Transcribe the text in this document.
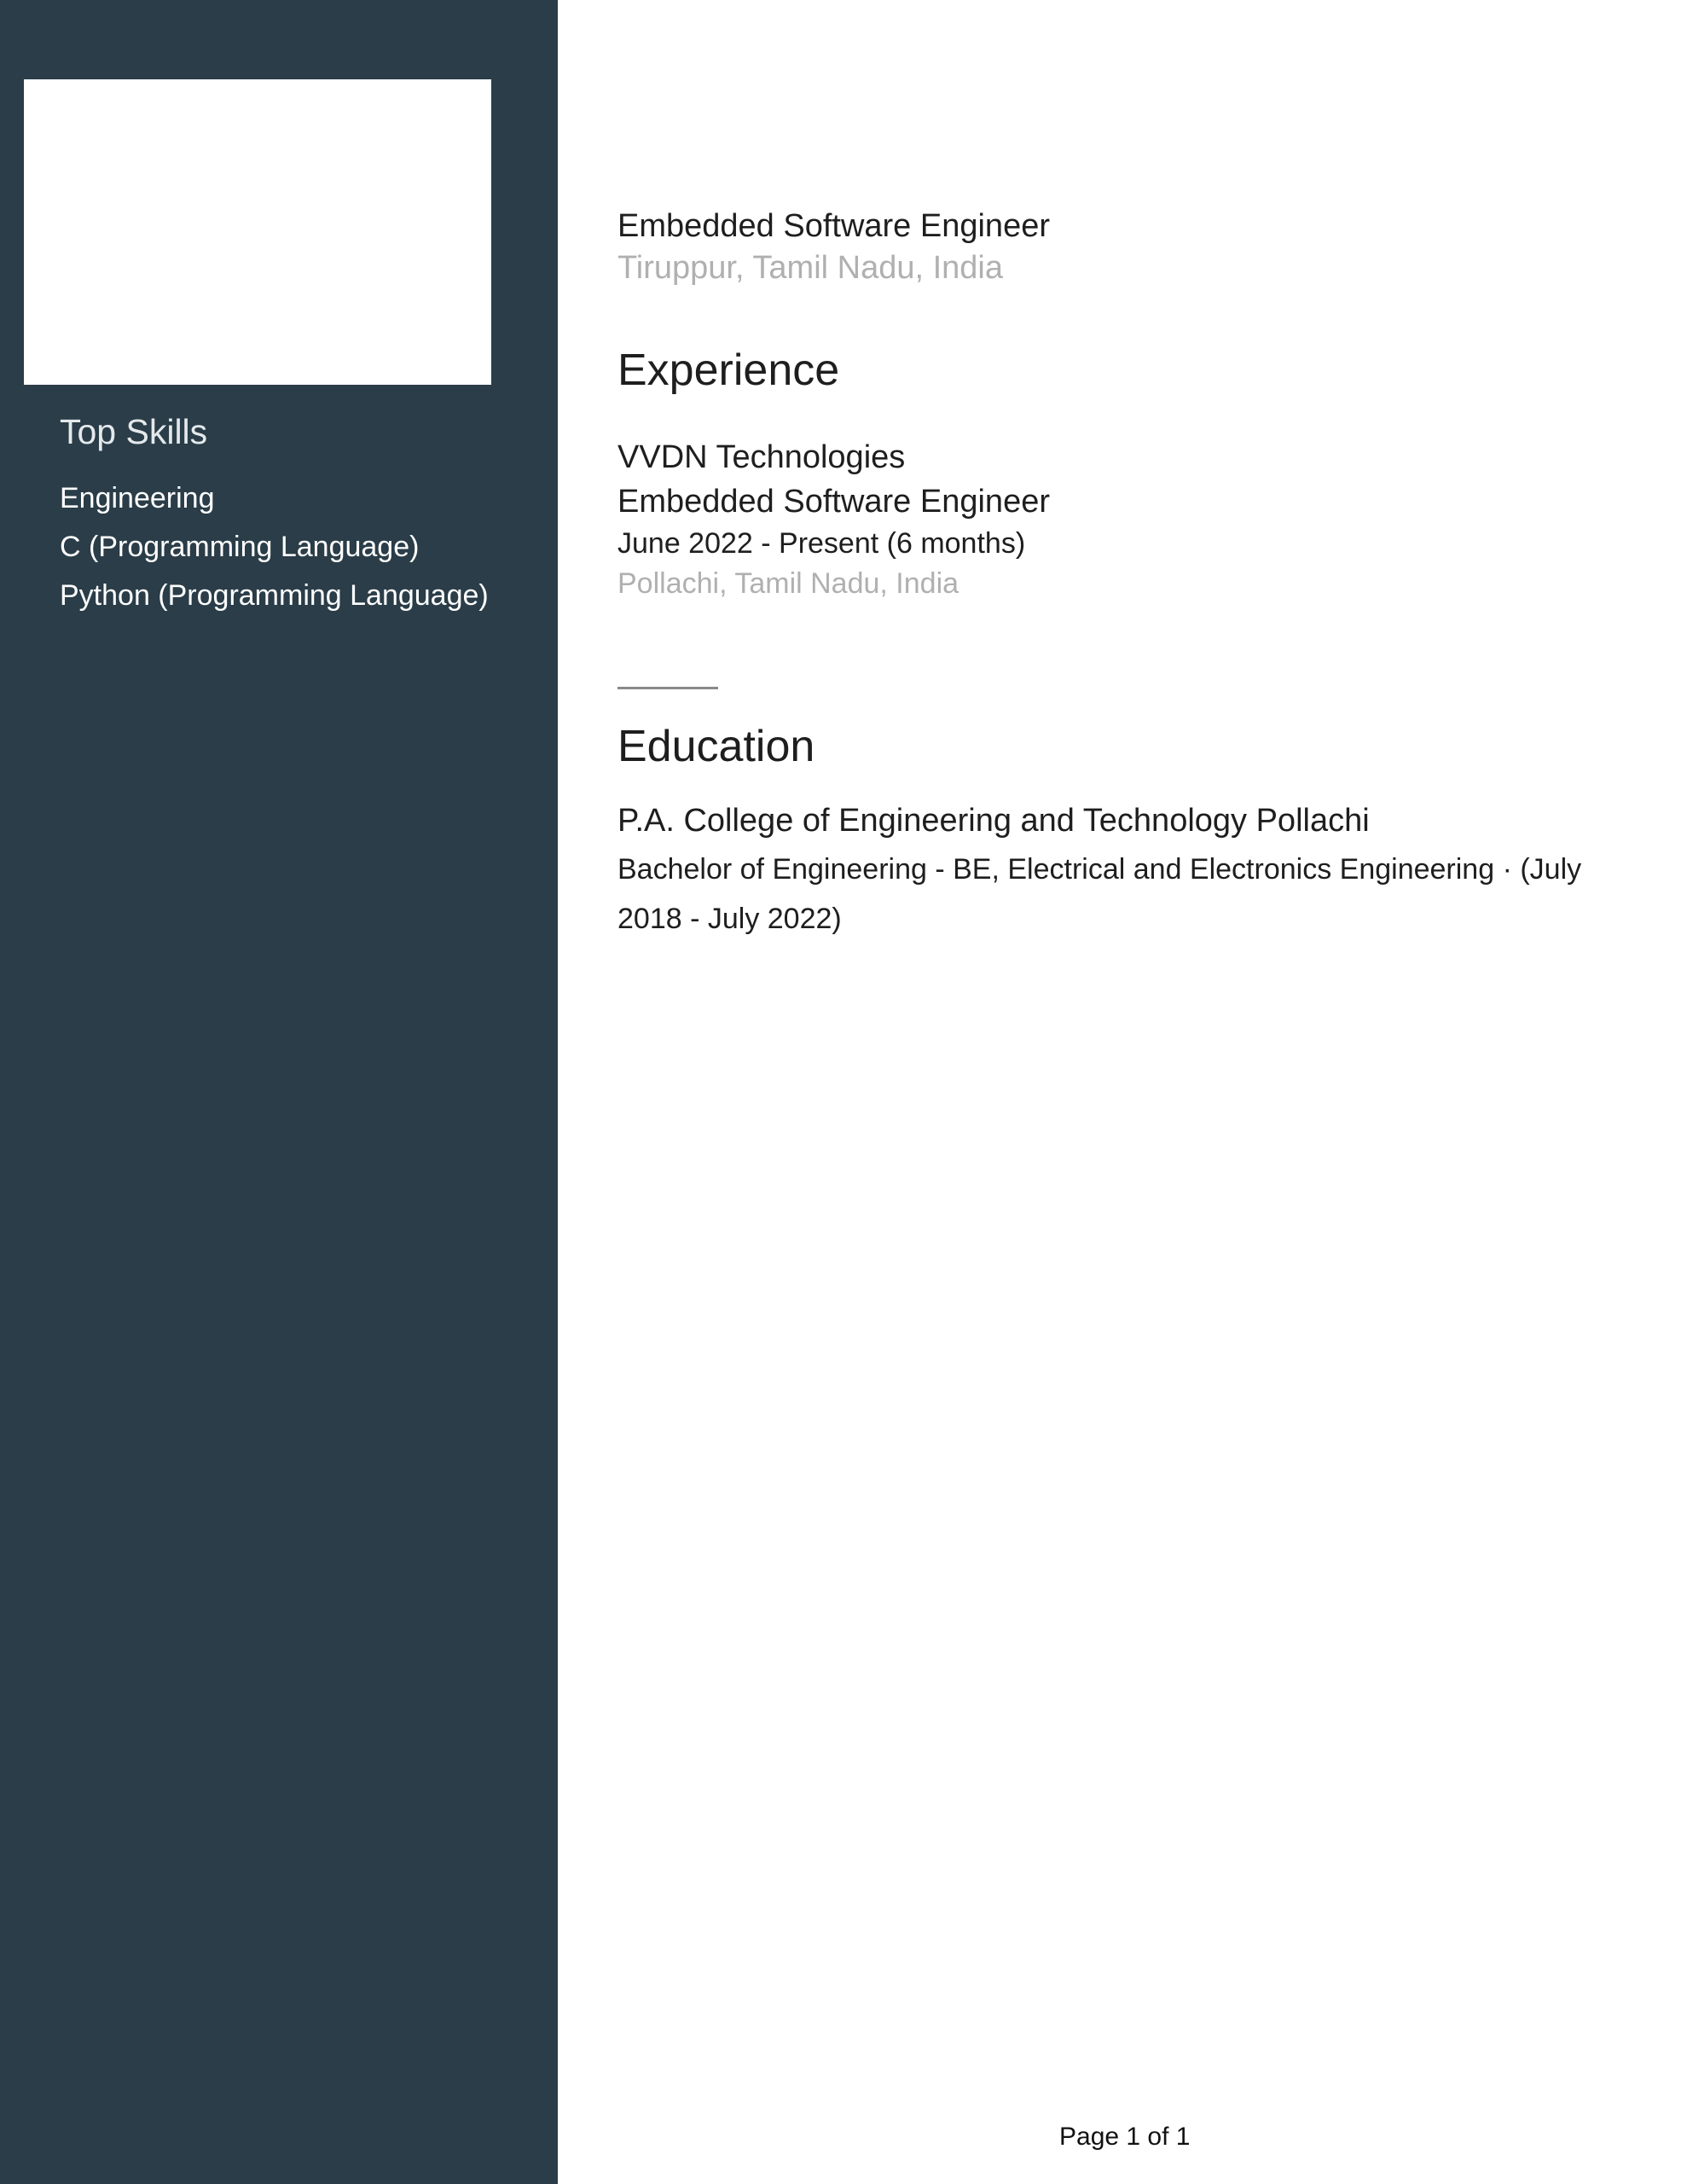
Top Skills
Engineering
C (Programming Language)
Python (Programming Language)
Embedded Software Engineer
Tiruppur, Tamil Nadu, India
Experience
VVDN Technologies
Embedded Software Engineer
June 2022 - Present (6 months)
Pollachi, Tamil Nadu, India
Education
P.A. College of Engineering and Technology Pollachi
Bachelor of Engineering - BE, Electrical and Electronics Engineering · (July 2018 - July 2022)
Page 1 of 1
